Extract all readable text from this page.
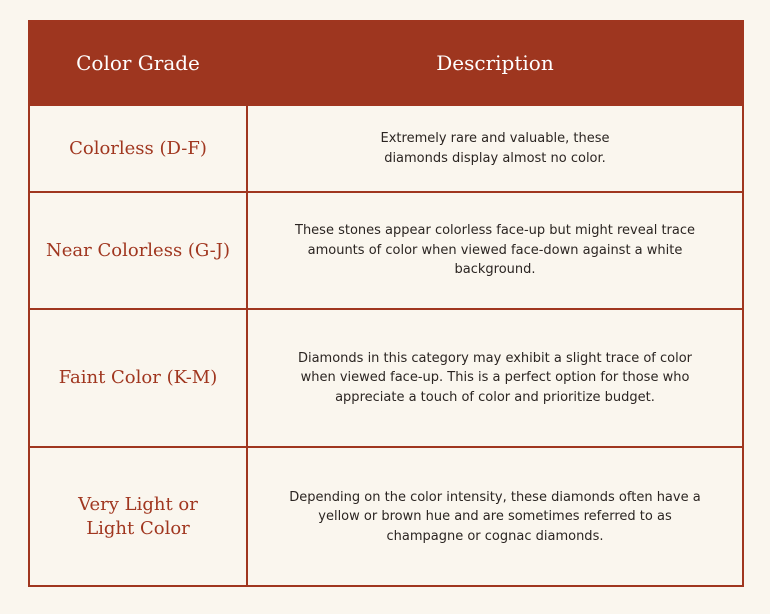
Color Grade	Description
Colorless (D-F)	Extremely rare and valuable, these diamonds display almost no color.

Near Colorless (G-J)	These stones appear colorless face-up but might reveal trace amounts of color when viewed face-down against a white background.

Faint Color (K-M)	Diamonds in this category may exhibit a slight trace of color when viewed face-up. This is a perfect option for those who appreciate a touch of color and prioritize budget.

Very Light or Light Color	Depending on the color intensity, these diamonds often have a yellow or brown hue and are sometimes referred to as champagne or cognac diamonds.
